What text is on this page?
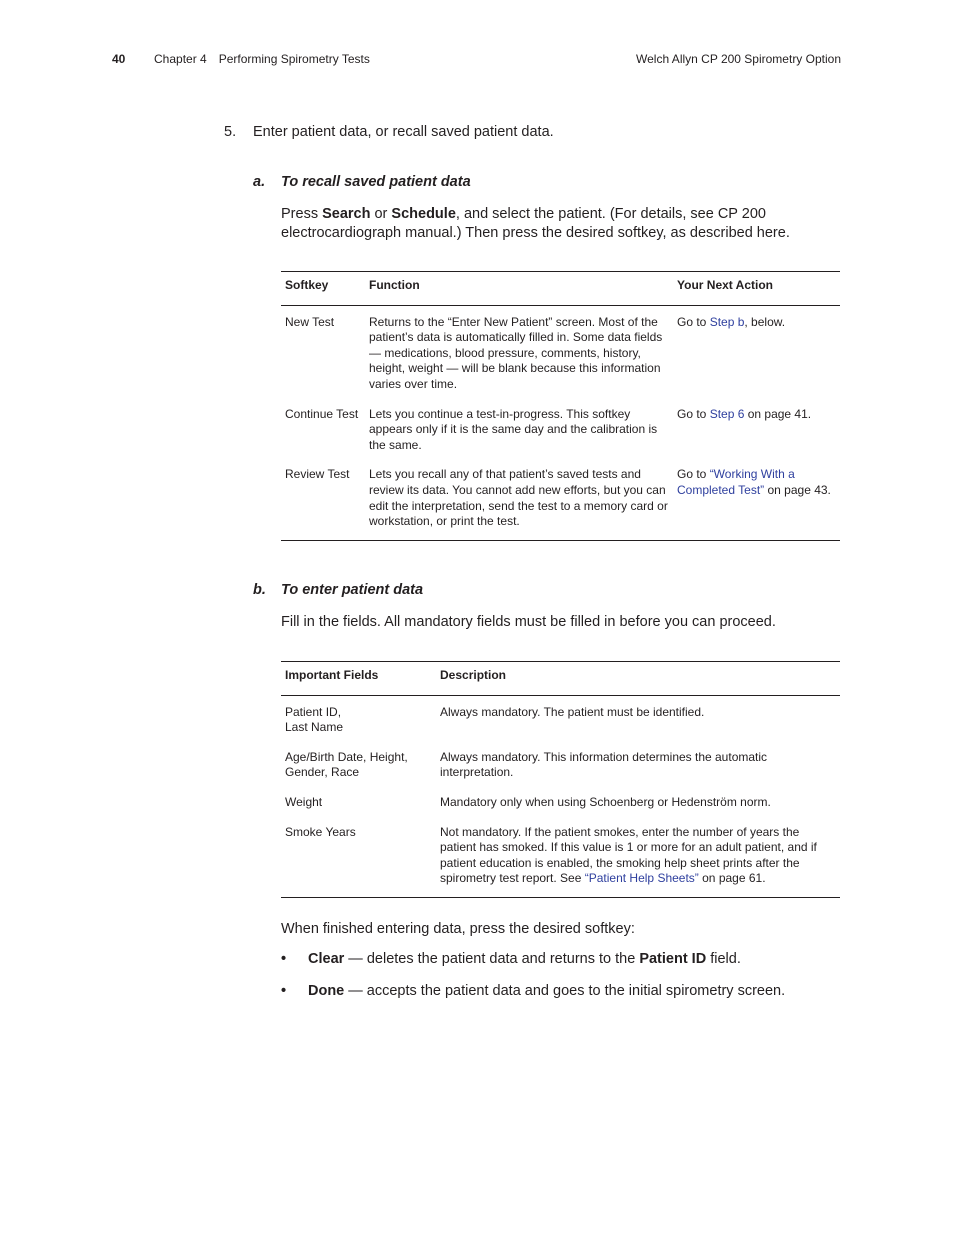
40 Chapter 4 Performing Spirometry Tests	Welch Allyn CP 200 Spirometry Option
5. Enter patient data, or recall saved patient data.
a. To recall saved patient data
Press Search or Schedule, and select the patient. (For details, see CP 200 electrocardiograph manual.) Then press the desired softkey, as described here.
Softkey	Function	Your Next Action
New Test	Returns to the “Enter New Patient” screen. Most of the patient’s data is automatically filled in. Some data fields — medications, blood pressure, comments, history, height, weight — will be blank because this information varies over time.	Go to Step b, below.
Continue Test	Lets you continue a test-in-progress. This softkey appears only if it is the same day and the calibration is the same.	Go to Step 6 on page 41.
Review Test	Lets you recall any of that patient’s saved tests and review its data. You cannot add new efforts, but you can edit the interpretation, send the test to a memory card or workstation, or print the test.	Go to “Working With a Completed Test” on page 43.
b. To enter patient data
Fill in the fields. All mandatory fields must be filled in before you can proceed.
Important Fields	Description
Patient ID,
Last Name	Always mandatory. The patient must be identified.
Age/Birth Date, Height,
Gender, Race	Always mandatory. This information determines the automatic interpretation.
Weight	Mandatory only when using Schoenberg or Hedenström norm.
Smoke Years	Not mandatory. If the patient smokes, enter the number of years the patient has smoked. If this value is 1 or more for an adult patient, and if patient education is enabled, the smoking help sheet prints after the spirometry test report. See “Patient Help Sheets” on page 61.
When finished entering data, press the desired softkey:
• Clear — deletes the patient data and returns to the Patient ID field.
• Done — accepts the patient data and goes to the initial spirometry screen.
